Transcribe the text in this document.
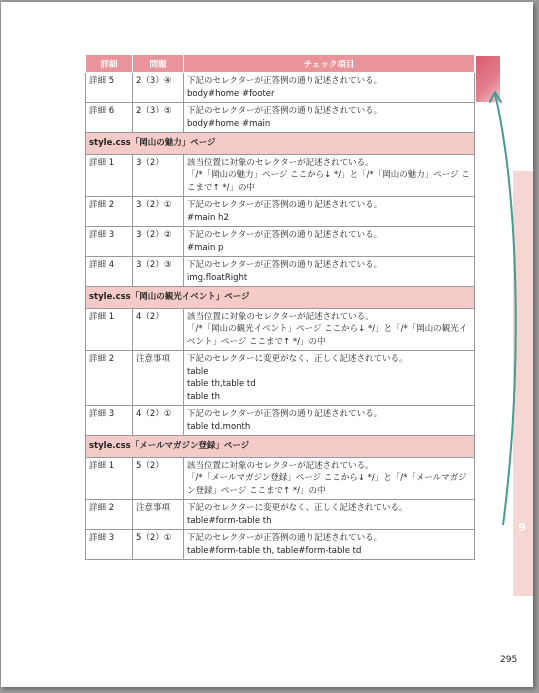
9
295
詳細	問題	チェック項目
詳細 5	2（3）④	下記のセレクターが正答例の通り記述されている。
body#home #footer

詳細 6	2（3）⑤	下記のセレクターが正答例の通り記述されている。
body#home #main

style.css「岡山の魅力」ページ		
詳細 1	3（2）	該当位置に対象のセレクターが記述されている。
「/*「岡山の魅力」ページ ここから↓ */」と「/*「岡山の魅力」ページ ここまで↑ */」の中

詳細 2	3（2）①	下記のセレクターが正答例の通り記述されている。
#main h2

詳細 3	3（2）②	下記のセレクターが正答例の通り記述されている。
#main p

詳細 4	3（2）③	下記のセレクターが正答例の通り記述されている。
img.floatRight

style.css「岡山の観光イベント」ページ		
詳細 1	4（2）	該当位置に対象のセレクターが記述されている。
「/*「岡山の観光イベント」ページ ここから↓ */」と「/*「岡山の観光イベント」ページ ここまで↑ */」の中

詳細 2	注意事項	下記のセレクターに変更がなく、正しく記述されている。
table
table th,table td
table th

詳細 3	4（2）①	下記のセレクターが正答例の通り記述されている。
table td.month

style.css「メールマガジン登録」ページ		
詳細 1	5（2）	該当位置に対象のセレクターが記述されている。
「/*「メールマガジン登録」ページ ここから↓ */」と「/*「メールマガジン登録」ページ ここまで↑ */」の中

詳細 2	注意事項	下記のセレクターに変更がなく、正しく記述されている。
table#form-table th

詳細 3	5（2）①	下記のセレクターが正答例の通り記述されている。
table#form-table th, table#form-table td
